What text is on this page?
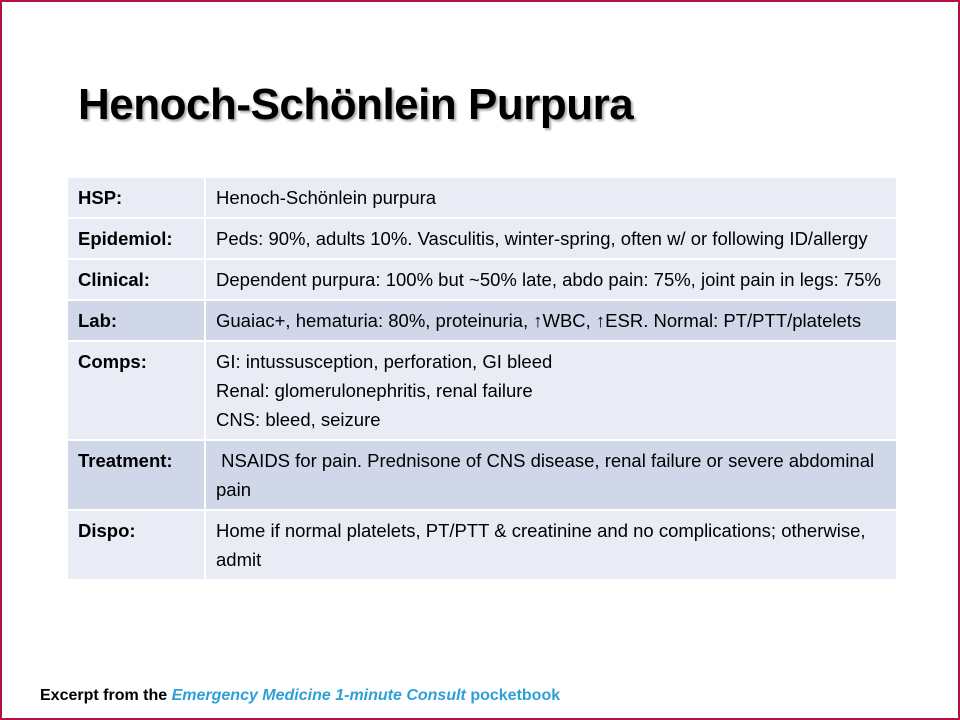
Henoch-Schönlein Purpura
HSP:	Henoch-Schönlein purpura

Epidemiol:	Peds: 90%, adults 10%. Vasculitis, winter-spring, often w/ or following ID/allergy

Clinical:	Dependent purpura: 100% but ~50% late, abdo pain: 75%, joint pain in legs: 75%

Lab:	Guaiac+, hematuria: 80%, proteinuria, ↑WBC, ↑ESR. Normal: PT/PTT/platelets

Comps:	GI: intussusception, perforation, GI bleed
Renal: glomerulonephritis, renal failure
CNS: bleed, seizure

Treatment:	NSAIDS for pain. Prednisone of CNS disease, renal failure or severe abdominal pain

Dispo:	Home if normal platelets, PT/PTT & creatinine and no complications; otherwise, admit
Excerpt from the Emergency Medicine 1-minute Consult pocketbook
